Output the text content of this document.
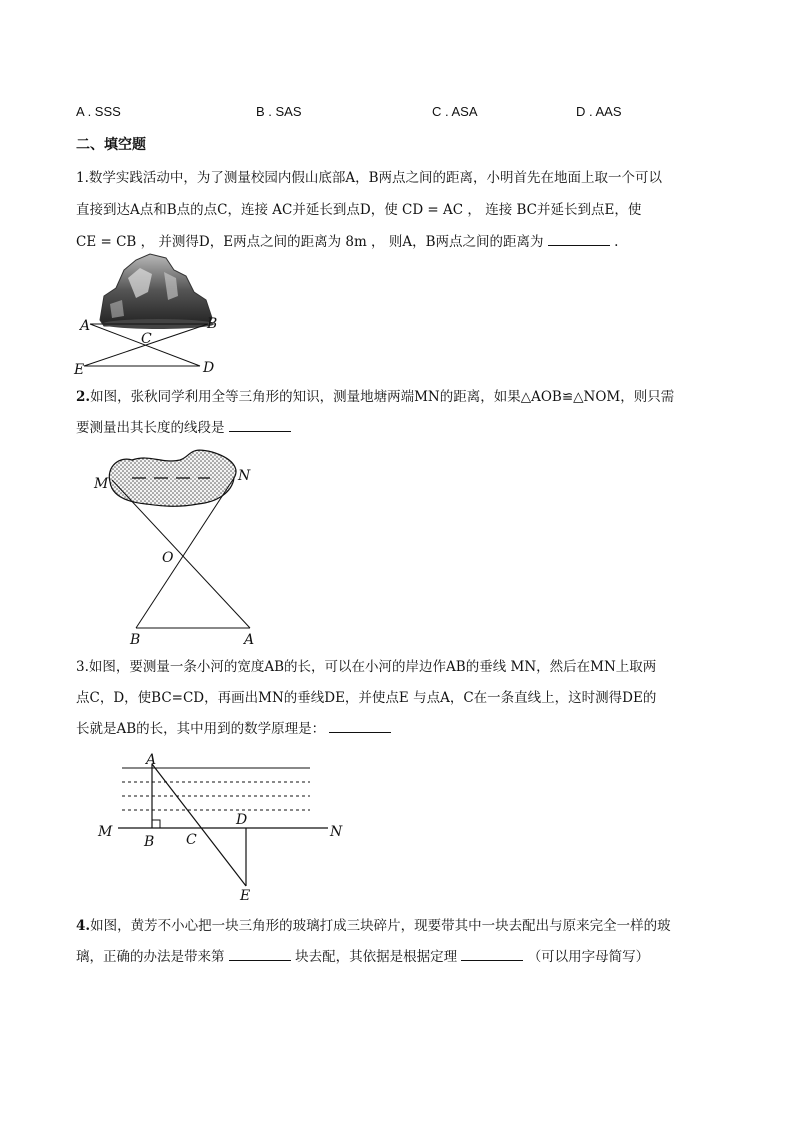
A . SSS	B . SAS	C . ASA	D . AAS
二、填空题
1.数学实践活动中，为了测量校园内假山底部A，B两点之间的距离，小明首先在地面上取一个可以
直接到达A点和B点的点C，连接 AC并延长到点D，使 CD = AC ， 连接 BC并延长到点E，使
CE = CB ， 并测得D，E两点之间的距离为 8m ， 则A，B两点之间的距离为	.
A	B
C
D
E
2.如图，张秋同学利用全等三角形的知识，测量地塘两端MN的距离，如果△AOB≌△NOM，则只需
要测量出其长度的线段是
M	N
O
B	A
3.如图，要测量一条小河的宽度AB的长，可以在小河的岸边作AB的垂线 MN，然后在MN上取两
点C，D，使BC=CD，再画出MN的垂线DE，并使点E 与点A，C在一条直线上，这时测得DE的
长就是AB的长，其中用到的数学原理是：
A
M
B C
D
N
E
4.如图，黄芳不小心把一块三角形的玻璃打成三块碎片，现要带其中一块去配出与原来完全一样的玻
璃，正确的办法是带来第	块去配，其依据是根据定理	（可以用字母简写）
